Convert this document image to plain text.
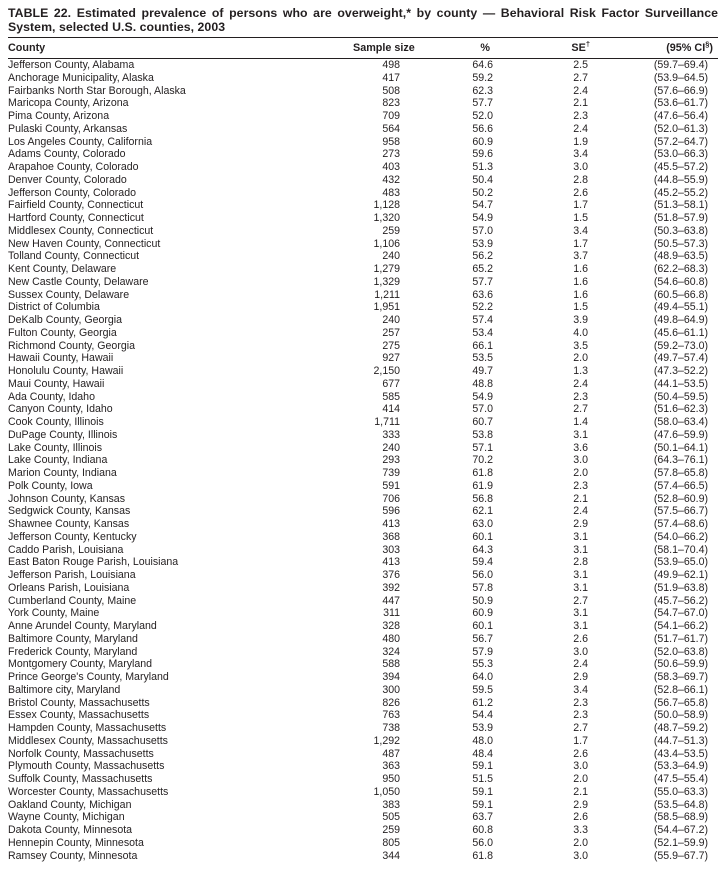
TABLE 22. Estimated prevalence of persons who are overweight,* by county — Behavioral Risk Factor Surveillance System, selected U.S. counties, 2003
County	Sample size	%	SE†	(95% CI§)
Jefferson County, Alabama	498	64.6	2.5	(59.7–69.4)
Anchorage Municipality, Alaska	417	59.2	2.7	(53.9–64.5)
Fairbanks North Star Borough, Alaska	508	62.3	2.4	(57.6–66.9)
Maricopa County, Arizona	823	57.7	2.1	(53.6–61.7)
Pima County, Arizona	709	52.0	2.3	(47.6–56.4)
Pulaski County, Arkansas	564	56.6	2.4	(52.0–61.3)
Los Angeles County, California	958	60.9	1.9	(57.2–64.7)
Adams County, Colorado	273	59.6	3.4	(53.0–66.3)
Arapahoe County, Colorado	403	51.3	3.0	(45.5–57.2)
Denver County, Colorado	432	50.4	2.8	(44.8–55.9)
Jefferson County, Colorado	483	50.2	2.6	(45.2–55.2)
Fairfield County, Connecticut	1,128	54.7	1.7	(51.3–58.1)
Hartford County, Connecticut	1,320	54.9	1.5	(51.8–57.9)
Middlesex County, Connecticut	259	57.0	3.4	(50.3–63.8)
New Haven County, Connecticut	1,106	53.9	1.7	(50.5–57.3)
Tolland County, Connecticut	240	56.2	3.7	(48.9–63.5)
Kent County, Delaware	1,279	65.2	1.6	(62.2–68.3)
New Castle County, Delaware	1,329	57.7	1.6	(54.6–60.8)
Sussex County, Delaware	1,211	63.6	1.6	(60.5–66.8)
District of Columbia	1,951	52.2	1.5	(49.4–55.1)
DeKalb County, Georgia	240	57.4	3.9	(49.8–64.9)
Fulton County, Georgia	257	53.4	4.0	(45.6–61.1)
Richmond County, Georgia	275	66.1	3.5	(59.2–73.0)
Hawaii County, Hawaii	927	53.5	2.0	(49.7–57.4)
Honolulu County, Hawaii	2,150	49.7	1.3	(47.3–52.2)
Maui County, Hawaii	677	48.8	2.4	(44.1–53.5)
Ada County, Idaho	585	54.9	2.3	(50.4–59.5)
Canyon County, Idaho	414	57.0	2.7	(51.6–62.3)
Cook County, Illinois	1,711	60.7	1.4	(58.0–63.4)
DuPage County, Illinois	333	53.8	3.1	(47.6–59.9)
Lake County, Illinois	240	57.1	3.6	(50.1–64.1)
Lake County, Indiana	293	70.2	3.0	(64.3–76.1)
Marion County, Indiana	739	61.8	2.0	(57.8–65.8)
Polk County, Iowa	591	61.9	2.3	(57.4–66.5)
Johnson County, Kansas	706	56.8	2.1	(52.8–60.9)
Sedgwick County, Kansas	596	62.1	2.4	(57.5–66.7)
Shawnee County, Kansas	413	63.0	2.9	(57.4–68.6)
Jefferson County, Kentucky	368	60.1	3.1	(54.0–66.2)
Caddo Parish, Louisiana	303	64.3	3.1	(58.1–70.4)
East Baton Rouge Parish, Louisiana	413	59.4	2.8	(53.9–65.0)
Jefferson Parish, Louisiana	376	56.0	3.1	(49.9–62.1)
Orleans Parish, Louisiana	392	57.8	3.1	(51.9–63.8)
Cumberland County, Maine	447	50.9	2.7	(45.7–56.2)
York County, Maine	311	60.9	3.1	(54.7–67.0)
Anne Arundel County, Maryland	328	60.1	3.1	(54.1–66.2)
Baltimore County, Maryland	480	56.7	2.6	(51.7–61.7)
Frederick County, Maryland	324	57.9	3.0	(52.0–63.8)
Montgomery County, Maryland	588	55.3	2.4	(50.6–59.9)
Prince George's County, Maryland	394	64.0	2.9	(58.3–69.7)
Baltimore city, Maryland	300	59.5	3.4	(52.8–66.1)
Bristol County, Massachusetts	826	61.2	2.3	(56.7–65.8)
Essex County, Massachusetts	763	54.4	2.3	(50.0–58.9)
Hampden County, Massachusetts	738	53.9	2.7	(48.7–59.2)
Middlesex County, Massachusetts	1,292	48.0	1.7	(44.7–51.3)
Norfolk County, Massachusetts	487	48.4	2.6	(43.4–53.5)
Plymouth County, Massachusetts	363	59.1	3.0	(53.3–64.9)
Suffolk County, Massachusetts	950	51.5	2.0	(47.5–55.4)
Worcester County, Massachusetts	1,050	59.1	2.1	(55.0–63.3)
Oakland County, Michigan	383	59.1	2.9	(53.5–64.8)
Wayne County, Michigan	505	63.7	2.6	(58.5–68.9)
Dakota County, Minnesota	259	60.8	3.3	(54.4–67.2)
Hennepin County, Minnesota	805	56.0	2.0	(52.1–59.9)
Ramsey County, Minnesota	344	61.8	3.0	(55.9–67.7)
